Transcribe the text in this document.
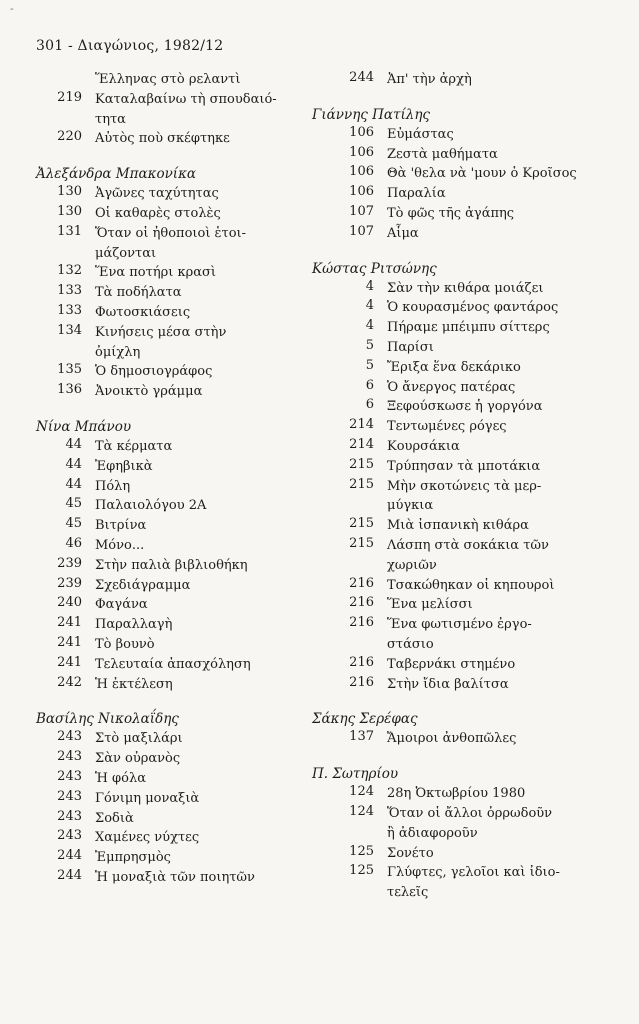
-
301 - Διαγώνιος, 1982/12
Ἕλληνας στὸ ρελαντὶ
219	Καταλαβαίνω τὴ σπουδαιό-
τητα
220	Αὐτὸς ποὺ σκέφτηκε
Ἀλεξάνδρα Μπακονίκα
130	Ἀγῶνες ταχύτητας
130	Οἱ καθαρὲς στολὲς
131	Ὅταν οἱ ἠθοποιοὶ ἑτοι-
μάζονται
132	Ἕνα ποτήρι κρασὶ
133	Τὰ ποδήλατα
133	Φωτοσκιάσεις
134	Κινήσεις μέσα στὴν
ὀμίχλη
135	Ὁ δημοσιογράφος
136	Ἀνοικτὸ γράμμα
Νίνα Μπάνου
44	Τὰ κέρματα
44	Ἐφηβικὰ
44	Πόλη
45	Παλαιολόγου 2Α
45	Βιτρίνα
46	Μόνο...
239	Στὴν παλιὰ βιβλιοθήκη
239	Σχεδιάγραμμα
240	Φαγάνα
241	Παραλλαγὴ
241	Τὸ βουνὸ
241	Τελευταία ἀπασχόληση
242	Ἡ ἐκτέλεση
Βασίλης Νικολαΐδης
243	Στὸ μαξιλάρι
243	Σὰν οὐρανὸς
243	Ἡ φόλα
243	Γόνιμη μοναξιὰ
243	Σοδιὰ
243	Χαμένες νύχτες
244	Ἐμπρησμὸς
244	Ἡ μοναξιὰ τῶν ποιητῶν
244	Ἀπ' τὴν ἀρχὴ
Γιάννης Πατίλης
106	Εὐμάστας
106	Ζεστὰ μαθήματα
106	Θὰ 'θελα νὰ 'μουν ὁ Κροῖσος
106	Παραλία
107	Τὸ φῶς τῆς ἀγάπης
107	Αἷμα
Κώστας Ριτσώνης
4	Σὰν τὴν κιθάρα μοιάζει
4	Ὁ κουρασμένος φαντάρος
4	Πήραμε μπέιμπυ σίττερς
5	Παρίσι
5	Ἔριξα ἕνα δεκάρικο
6	Ὁ ἄνεργος πατέρας
6	Ξεφούσκωσε ἡ γοργόνα
214	Τεντωμένες ρόγες
214	Κουρσάκια
215	Τρύπησαν τὰ μποτάκια
215	Μὴν σκοτώνεις τὰ μερ-
μύγκια
215	Μιὰ ἰσπανικὴ κιθάρα
215	Λάσπη στὰ σοκάκια τῶν
χωριῶν
216	Τσακώθηκαν οἱ κηπουροὶ
216	Ἕνα μελίσσι
216	Ἕνα φωτισμένο ἐργο-
στάσιο
216	Ταβερνάκι στημένο
216	Στὴν ἴδια βαλίτσα
Σάκης Σερέφας
137	Ἄμοιροι ἀνθοπῶλες
Π. Σωτηρίου
124	28η Ὀκτωβρίου 1980
124	Ὅταν οἱ ἄλλοι ὀρρωδοῦν
ἢ ἀδιαφοροῦν
125	Σονέτο
125	Γλύφτες, γελοῖοι καὶ ἰδιο-
τελεῖς
